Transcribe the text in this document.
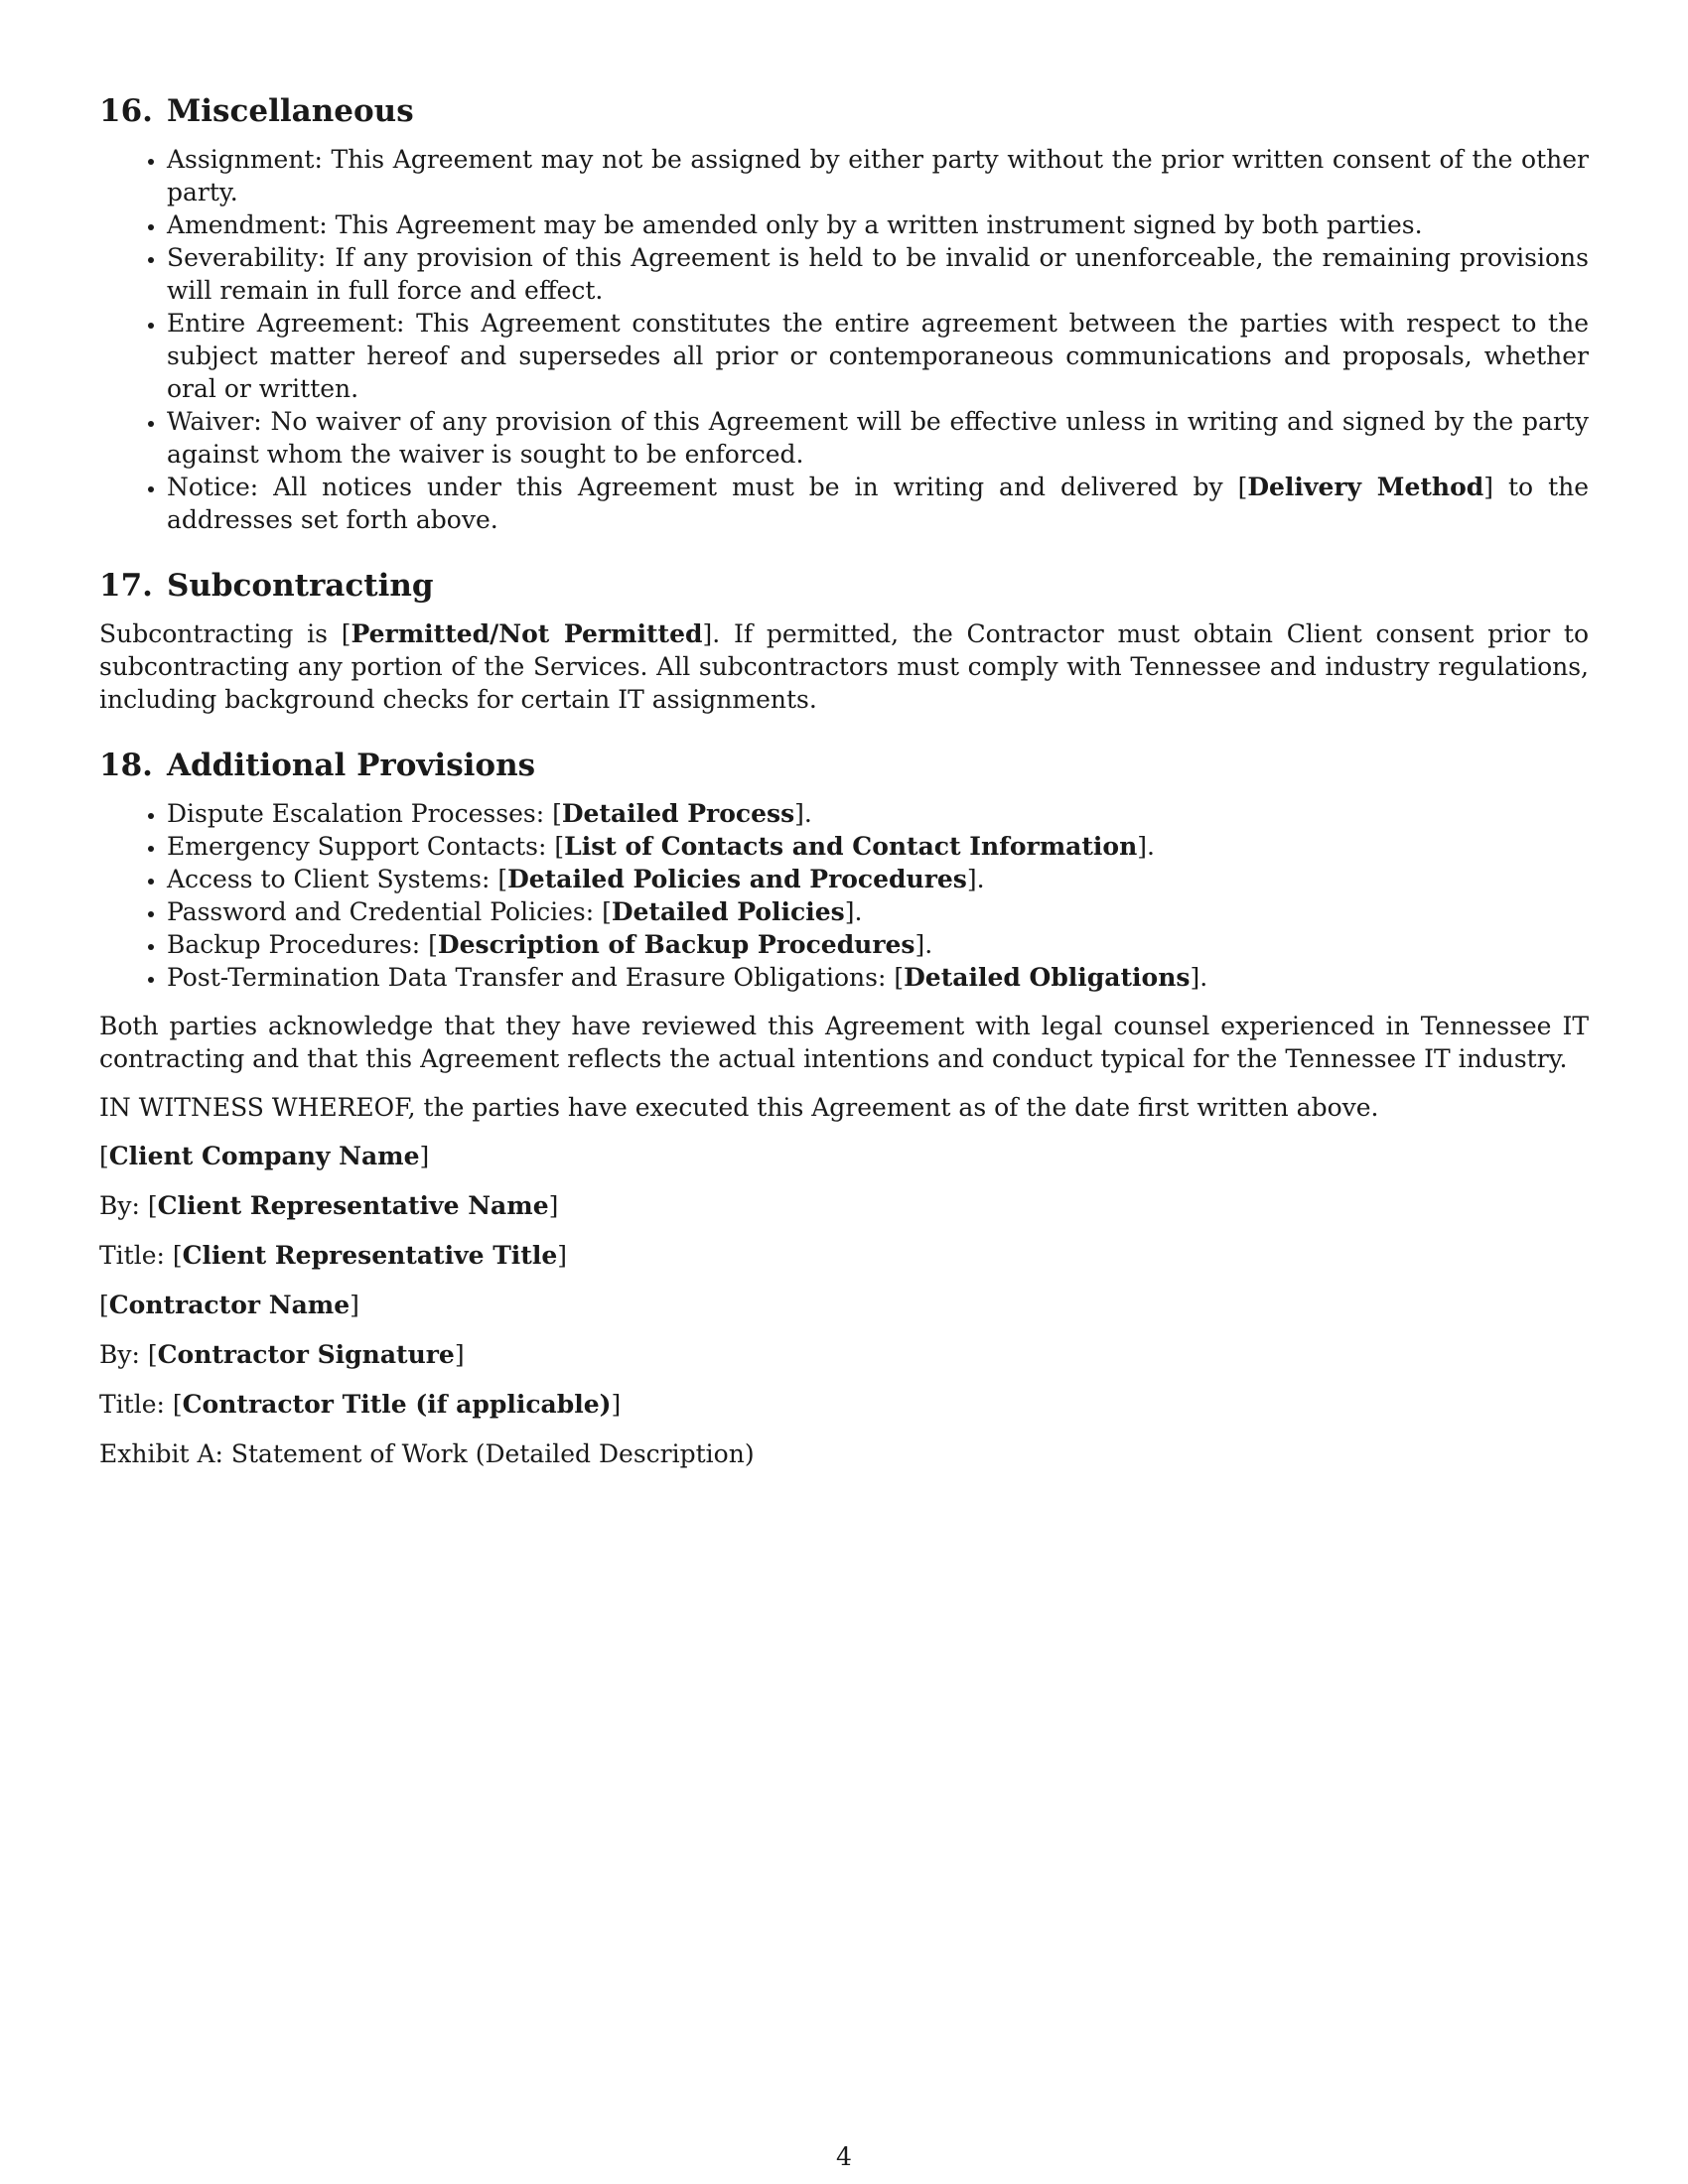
16. Miscellaneous
• Assignment: This Agreement may not be assigned by either party without the prior written consent of the other party.
• Amendment: This Agreement may be amended only by a written instrument signed by both parties.
• Severability: If any provision of this Agreement is held to be invalid or unenforceable, the remaining provisions will remain in full force and effect.
• Entire Agreement: This Agreement constitutes the entire agreement between the parties with respect to the subject matter hereof and supersedes all prior or contemporaneous communications and proposals, whether oral or written.
• Waiver: No waiver of any provision of this Agreement will be effective unless in writing and signed by the party against whom the waiver is sought to be enforced.
• Notice: All notices under this Agreement must be in writing and delivered by [Delivery Method] to the addresses set forth above.
17. Subcontracting

Subcontracting is [Permitted/Not Permitted]. If permitted, the Contractor must obtain Client consent prior to subcontracting any portion of the Services. All subcontractors must comply with Tennessee and industry regulations, including background checks for certain IT assignments.

18. Additional Provisions
• Dispute Escalation Processes: [Detailed Process].
• Emergency Support Contacts: [List of Contacts and Contact Information].
• Access to Client Systems: [Detailed Policies and Procedures].
• Password and Credential Policies: [Detailed Policies].
• Backup Procedures: [Description of Backup Procedures].
• Post-Termination Data Transfer and Erasure Obligations: [Detailed Obligations].

Both parties acknowledge that they have reviewed this Agreement with legal counsel experienced in Tennessee IT contracting and that this Agreement reflects the actual intentions and conduct typical for the Tennessee IT industry.

IN WITNESS WHEREOF, the parties have executed this Agreement as of the date first written above.

[Client Company Name]

By: [Client Representative Name]

Title: [Client Representative Title]

[Contractor Name]

By: [Contractor Signature]

Title: [Contractor Title (if applicable)]

Exhibit A: Statement of Work (Detailed Description)

4
